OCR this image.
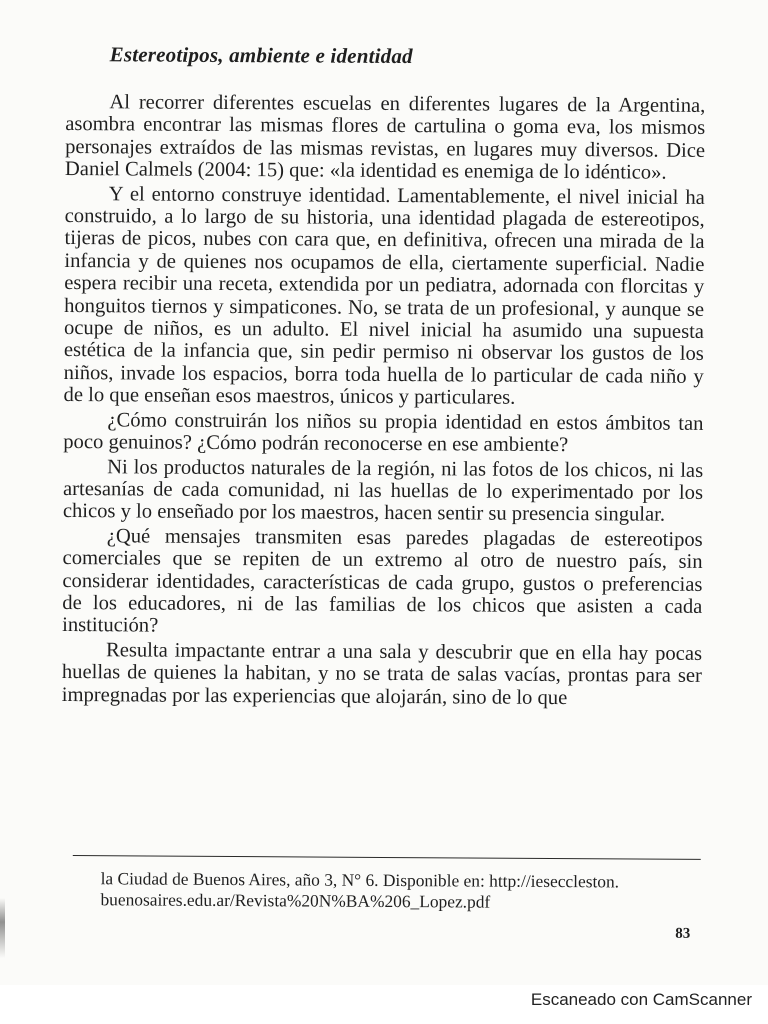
Estereotipos, ambiente e identidad

Al recorrer diferentes escuelas en diferentes lugares de la Argentina, asombra encontrar las mismas flores de cartulina o goma eva, los mismos personajes extraídos de las mismas revistas, en lugares muy diversos. Dice Daniel Calmels (2004: 15) que: «la identidad es enemiga de lo idéntico».

Y el entorno construye identidad. Lamentablemente, el nivel inicial ha construido, a lo largo de su historia, una identidad plagada de estereotipos, tijeras de picos, nubes con cara que, en definitiva, ofrecen una mirada de la infancia y de quienes nos ocupamos de ella, ciertamente superficial. Nadie espera recibir una receta, extendida por un pediatra, adornada con florcitas y honguitos tiernos y simpaticones. No, se trata de un profesional, y aunque se ocupe de niños, es un adulto. El nivel inicial ha asumido una supuesta estética de la infancia que, sin pedir permiso ni observar los gustos de los niños, invade los espacios, borra toda huella de lo particular de cada niño y de lo que enseñan esos maestros, únicos y particulares.

¿Cómo construirán los niños su propia identidad en estos ámbitos tan poco genuinos? ¿Cómo podrán reconocerse en ese ambiente?

Ni los productos naturales de la región, ni las fotos de los chicos, ni las artesanías de cada comunidad, ni las huellas de lo experimentado por los chicos y lo enseñado por los maestros, hacen sentir su presencia singular.

¿Qué mensajes transmiten esas paredes plagadas de estereotipos comerciales que se repiten de un extremo al otro de nuestro país, sin considerar identidades, características de cada grupo, gustos o preferencias de los educadores, ni de las familias de los chicos que asisten a cada institución?

Resulta impactante entrar a una sala y descubrir que en ella hay pocas huellas de quienes la habitan, y no se trata de salas vacías, prontas para ser impregnadas por las experiencias que alojarán, sino de lo que

la Ciudad de Buenos Aires, año 3, N° 6. Disponible en: http://ieseccleston.
buenosaires.edu.ar/Revista%20N%BA%206_Lopez.pdf
83
Escaneado con CamScanner
